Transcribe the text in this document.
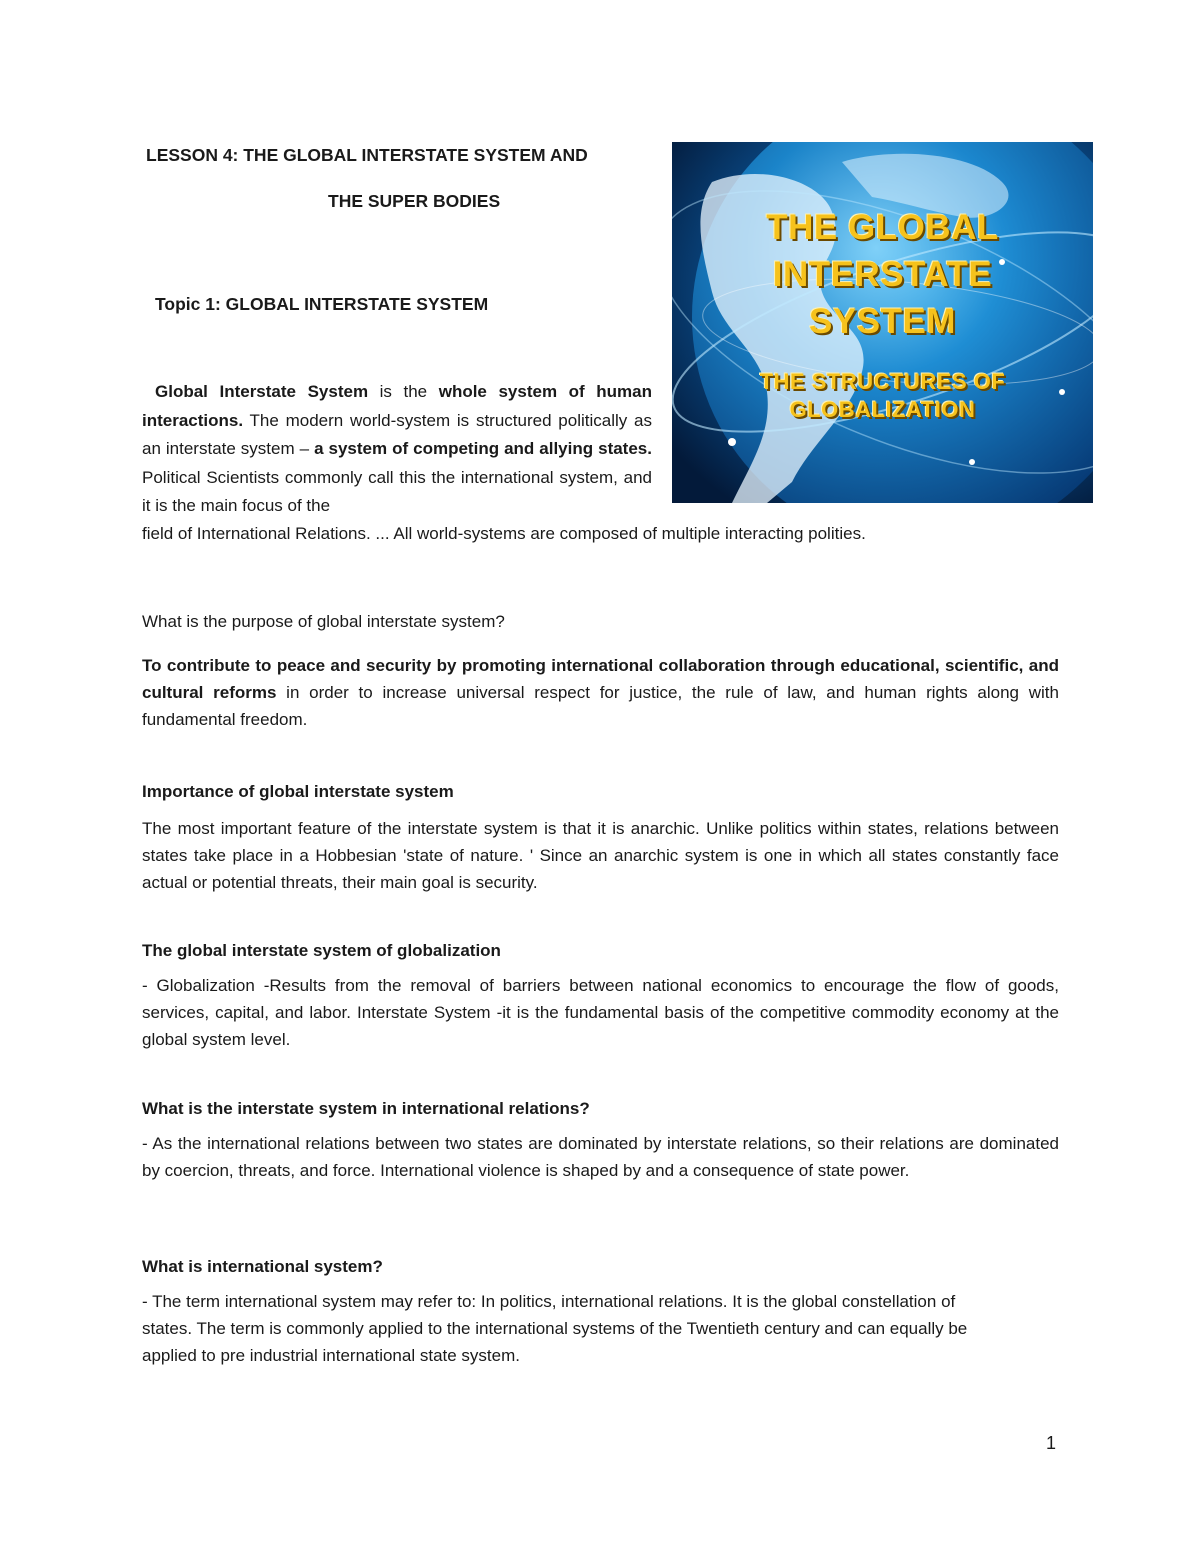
LESSON 4: THE GLOBAL INTERSTATE SYSTEM AND
THE SUPER BODIES
Topic 1: GLOBAL INTERSTATE SYSTEM
THE GLOBAL
INTERSTATE
SYSTEM
THE STRUCTURES OF
GLOBALIZATION
Global Interstate System is the whole system of human interactions. The modern world-system is structured politically as an interstate system – a system of competing and allying states. Political Scientists commonly call this the international system, and it is the main focus of the
field of International Relations. ... All world-systems are composed of multiple interacting polities.
What is the purpose of global interstate system?
To contribute to peace and security by promoting international collaboration through educational, scientific, and cultural reforms in order to increase universal respect for justice, the rule of law, and human rights along with fundamental freedom.
Importance of global interstate system
The most important feature of the interstate system is that it is anarchic. Unlike politics within states, relations between states take place in a Hobbesian 'state of nature. ' Since an anarchic system is one in which all states constantly face actual or potential threats, their main goal is security.
The global interstate system of globalization
- Globalization -Results from the removal of barriers between national economics to encourage the flow of goods, services, capital, and labor. Interstate System -it is the fundamental basis of the competitive commodity economy at the global system level.
What is the interstate system in international relations?
- As the international relations between two states are dominated by interstate relations, so their relations are dominated by coercion, threats, and force. International violence is shaped by and a consequence of state power.
What is international system?
- The term international system may refer to: In politics, international relations. It is the global constellation of states. The term is commonly applied to the international systems of the Twentieth century and can equally be applied to pre industrial international state system.
1
